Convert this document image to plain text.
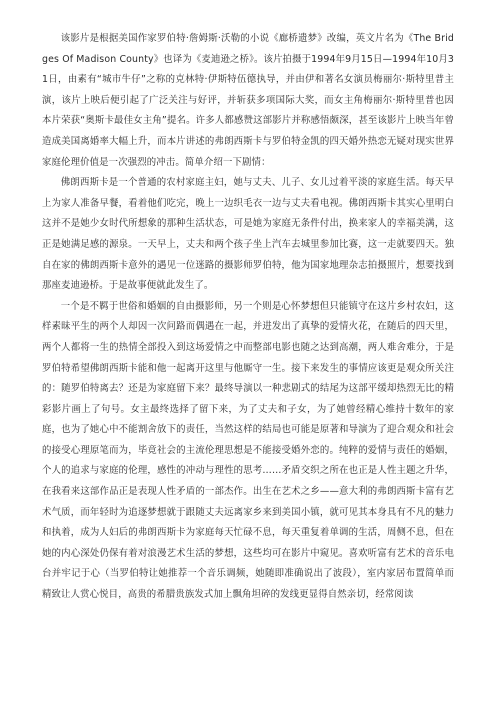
该影片是根据美国作家罗伯特·詹姆斯·沃勒的小说《廊桥遗梦》改编，英文片名为《The Bridges Of Madison County》也译为《麦迪逊之桥》。该片拍摄于1994年9月15日—1994年10月31日，由素有“城市牛仔”之称的克林特·伊斯特伍德执导，并由伊和著名女演员梅丽尔·斯特里普主演，该片上映后便引起了广泛关注与好评，并斩获多项国际大奖，而女主角梅丽尔·斯特里普也因本片荣获“奥斯卡最佳女主角”提名。许多人都感赞这部影片并称感悟颇深，甚至该影片上映当年曾造成美国离婚率大幅上升，而本片讲述的弗朗西斯卡与罗伯特金凯的四天婚外热恋无疑对现实世界家庭伦理价值是一次强烈的冲击。简单介绍一下剧情：

佛朗西斯卡是一个普通的农村家庭主妇，她与丈夫、儿子、女儿过着平淡的家庭生活。每天早上为家人准备早餐，看着他们吃完，晚上一边织毛衣一边与丈夫看电视。佛朗西斯卡其实心里明白这并不是她少女时代所想象的那种生活状态，可是她为家庭无条件付出，换来家人的幸福美满，这正是她满足感的源泉。一天早上，丈夫和两个孩子坐上汽车去城里参加比赛，这一走就要四天。独自在家的佛朗西斯卡意外的遇见一位迷路的摄影师罗伯特，他为国家地理杂志拍摄照片，想要找到那座麦迪逊桥。于是故事便就此发生了。

一个是不羁于世俗和婚姻的自由摄影师，另一个则是心怀梦想但只能镇守在这片乡村农妇，这样素昧平生的两个人却因一次问路而偶遇在一起，并进发出了真挚的爱情火花，在随后的四天里，两个人都将一生的热情全部投入到这场爱情之中而整部电影也随之达到高潮，两人难舍难分，于是罗伯特希望佛朗西斯卡能和他一起离开这里与他厮守一生。接下来发生的事情应该更是观众所关注的：随罗伯特离去？还是为家庭留下来？最终导演以一种悲剧式的结尾为这部平缓却热烈无比的精彩影片画上了句号。女主最终选择了留下来，为了丈夫和子女，为了她曾经精心维持十数年的家庭，也为了她心中不能割舍放下的责任，当然这样的结局也可能是原著和导演为了迎合观众和社会的接受心理原笔而为，毕竟社会的主流伦理思想是不能接受婚外恋的。纯粹的爱情与责任的婚姻，个人的追求与家庭的伦理，感性的冲动与理性的思考……矛盾交织之所在也正是人性主题之升华，在我看来这部作品正是表现人性矛盾的一部杰作。出生在艺术之乡——意大利的弗朗西斯卡富有艺术气质，而年轻时为追逐梦想就于跟随丈夫远离家乡来到美国小镇，就可见其本身具有不凡的魅力和执着，成为人妇后的弗朗西斯卡为家庭每天忙碌不息，每天重复着单调的生活，周侧不息，但在她的内心深处仍保有着对浪漫艺术生活的梦想，这些均可在影片中窥见。喜欢听富有艺术的音乐电台并牢记于心（当罗伯特让她推荐一个音乐调频，她随即准确说出了波段），室内家居布置简单而精致让人赏心悦目，高贵的希腊贵族发式加上飘角坦碎的发线更显得自然亲切，经常阅读
